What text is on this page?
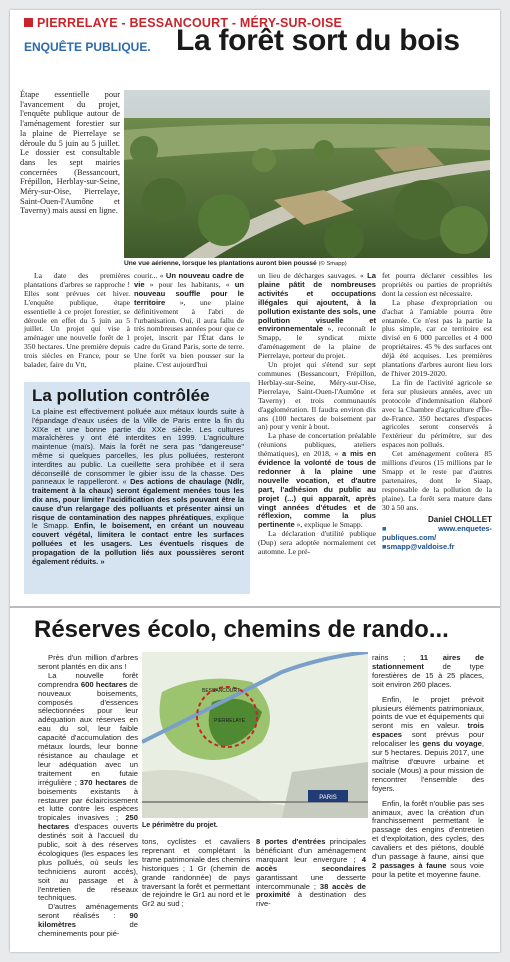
PIERRELAYE - BESSANCOURT - MÉRY-SUR-OISE
ENQUÊTE PUBLIQUE. La forêt sort du bois
Étape essentielle pour l'avancement du projet, l'enquête publique autour de l'aménagement forestier sur la plaine de Pierrelaye se déroule du 5 juin au 5 juillet. Le dossier est consultable dans les sept mairies concernées (Bessancourt, Frépillon, Herblay-sur-Seine, Méry-sur-Oise, Pierrelaye, Saint-Ouen-l'Aumône et Taverny) mais aussi en ligne.
Une vue aérienne, lorsque les plantations auront bien poussé (© Smapp)

La date des premières plantations d'arbres se rapproche ! Elles sont prévues cet hiver. L'enquête publique, étape essentielle à ce projet forestier, se déroule en effet du 5 juin au 5 juillet. Un projet qui vise à aménager une nouvelle forêt de 1 350 hectares. Une première depuis trois siècles en France, pour se balader, faire du Vtt,

courir... « Un nouveau cadre de vie » pour les habitants, « un nouveau souffle pour le territoire », une plaine définitivement à l'abri de l'urbanisation. Oui, il aura fallu de très nombreuses années pour que ce projet, inscrit par l'État dans le cadre du Grand Paris, sorte de terre. Une forêt va bien pousser sur la plaine. C'est aujourd'hui

un lieu de décharges sauvages. « La plaine pâtit de nombreuses activités et occupations illégales qui ajoutent, à la pollution existante des sols, une pollution visuelle et environnementale », reconnaît le Smapp, le syndicat mixte d'aménagement de la plaine de Pierrelaye, porteur du projet.

Un projet qui s'étend sur sept communes (Bessancourt, Frépillon, Herblay-sur-Seine, Méry-sur-Oise, Pierrelaye, Saint-Ouen-l'Aumône et Taverny) et trois communautés d'agglomération. Il faudra environ dix ans (100 hectares de boisement par an) pour y venir à bout.

La phase de concertation préalable (réunions publiques, ateliers thématiques), en 2018, « a mis en évidence la volonté de tous de redonner à la plaine une nouvelle vocation, et d'autre part, l'adhésion du public au projet (...) qui apparaît, après vingt années d'études et de réflexion, comme la plus pertinente », explique le Smapp.

La déclaration d'utilité publique (Dup) sera adoptée normalement cet automne. Le pré-

fet pourra déclarer cessibles les propriétés ou parties de propriétés dont la cession est nécessaire.

La phase d'expropriation ou d'achat à l'amiable pourra être entamée. Ce n'est pas la partie la plus simple, car ce territoire est divisé en 6 000 parcelles et 4 000 propriétaires. 45 % des surfaces ont déjà été acquises. Les premières plantations d'arbres auront lieu lors de l'hiver 2019-2020.

La fin de l'activité agricole se fera sur plusieurs années, avec un protocole d'indemnisation élaboré avec la Chambre d'agriculture d'Île-de-France. 350 hectares d'espaces agricoles seront conservés à l'extérieur du périmètre, sur des espaces non pollués.

Cet aménagement coûtera 85 millions d'euros (15 millions par le Smapp et le reste par d'autres partenaires, dont le Siaap, responsable de la pollution de la plaine). La forêt sera mature dans 30 à 50 ans.

Daniel CHOLLET

■www.enquetes-publiques.com/

■smapp@valdoise.fr

La pollution contrôlée
La plaine est effectivement polluée aux métaux lourds suite à l'épandage d'eaux usées de la Ville de Paris entre la fin du XIXe et une bonne partie du XXe siècle. Les cultures maraîchères y ont été interdites en 1999. L'agriculture maintenue (maïs). Mais la forêt ne sera pas "dangereuse" même si quelques parcelles, les plus polluées, resteront interdites au public. La cueillette sera prohibée et il sera déconseillé de consommer le gibier issu de la chasse. Des panneaux le rappelleront. « Des actions de chaulage (Ndlr, traitement à la chaux) seront également menées tous les dix ans, pour limiter l'acidification des sols pouvant être la cause d'un relargage des polluants et présenter ainsi un risque de contamination des nappes phréatiques, explique le Smapp. Enfin, le boisement, en créant un nouveau couvert végétal, limitera le contact entre les surfaces polluées et les usagers. Les éventuels risques de propagation de la pollution liés aux poussières seront également réduits. »
Réserves écolo, chemins de rando...

Près d'un million d'arbres seront plantés en dix ans !

La nouvelle forêt comprendra 600 hectares de nouveaux boisements, composés d'essences sélectionnées pour leur adéquation aux réserves en eau du sol, leur faible capacité d'accumulation des métaux lourds, leur bonne résistance au chaulage et leur adéquation avec un traitement en futaie irrégulière ; 370 hectares de boisements existants à restaurer par éclaircissement et lutte contre les espèces tropicales invasives ; 250 hectares d'espaces ouverts destinés soit à l'accueil du public, soit à des réserves écologiques (les espaces les plus pollués, où seuls les techniciens auront accès), soit au passage et à l'entretien de réseaux techniques.

D'autres aménagements seront réalisés : 90 kilomètres de cheminements pour pié-

PARIS
PIERRELAYE
BESSANCOURT
Le périmètre du projet.

tons, cyclistes et cavaliers reprenant et complétant la trame patrimoniale des chemins historiques ; 1 Gr (chemin de grande randonnée) de pays traversant la forêt et permettant de rejoindre le Gr1 au nord et le Gr2 au sud ;

8 portes d'entrées principales bénéficiant d'un aménagement marquant leur envergure ; 4 accès secondaires garantissant une desserte intercommunale ; 38 accès de proximité à destination des rive-

rains ; 11 aires de stationnement de type forestières de 15 à 25 places, soit environ 260 places.

Enfin, le projet prévoit plusieurs éléments patrimoniaux, points de vue et équipements qui seront mis en valeur. trois espaces sont prévus pour relocaliser les gens du voyage, sur 5 hectares. Depuis 2017, une maîtrise d'œuvre urbaine et sociale (Mous) a pour mission de rencontrer l'ensemble des foyers.

Enfin, la forêt n'oublie pas ses animaux, avec la création d'un franchissement permettant le passage des engins d'entretien et d'exploitation, des cycles, des cavaliers et des piétons, doublé d'un passage à faune, ainsi que 2 passages à faune sous voie pour la petite et moyenne faune.
